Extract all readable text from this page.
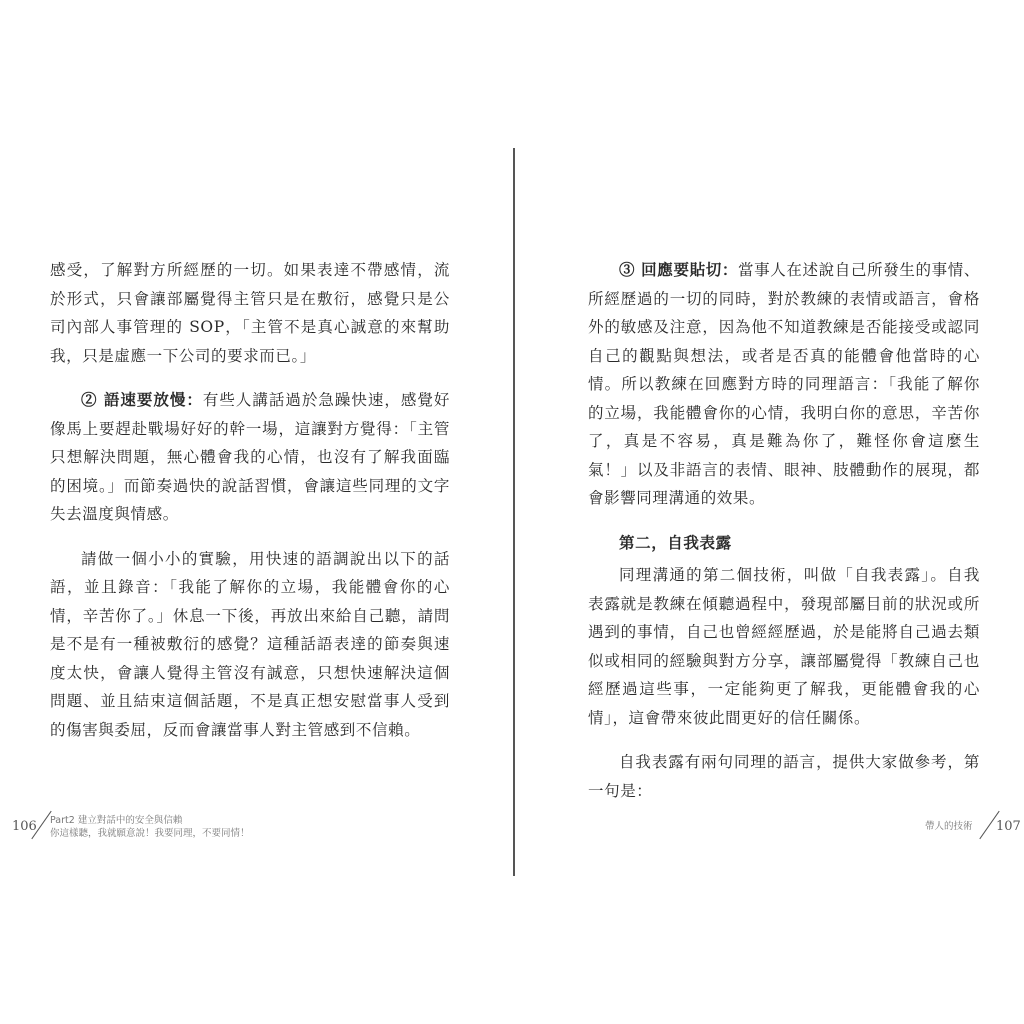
感受，了解對方所經歷的一切。如果表達不帶感情，流於形式，只會讓部屬覺得主管只是在敷衍，感覺只是公司內部人事管理的 SOP，「主管不是真心誠意的來幫助我，只是虛應一下公司的要求而已。」

② 語速要放慢：有些人講話過於急躁快速，感覺好像馬上要趕赴戰場好好的幹一場，這讓對方覺得：「主管只想解決問題，無心體會我的心情，也沒有了解我面臨的困境。」而節奏過快的說話習慣，會讓這些同理的文字失去溫度與情感。

請做一個小小的實驗，用快速的語調說出以下的話語，並且錄音：「我能了解你的立場，我能體會你的心情，辛苦你了。」休息一下後，再放出來給自己聽，請問是不是有一種被敷衍的感覺？這種話語表達的節奏與速度太快，會讓人覺得主管沒有誠意，只想快速解決這個問題、並且結束這個話題，不是真正想安慰當事人受到的傷害與委屈，反而會讓當事人對主管感到不信賴。

106 Part2 建立對話中的安全與信賴
你這樣聽，我就願意說！我要同理，不要同情！

③ 回應要貼切：當事人在述說自己所發生的事情、所經歷過的一切的同時，對於教練的表情或語言，會格外的敏感及注意，因為他不知道教練是否能接受或認同自己的觀點與想法，或者是否真的能體會他當時的心情。所以教練在回應對方時的同理語言：「我能了解你的立場，我能體會你的心情，我明白你的意思，辛苦你了，真是不容易，真是難為你了，難怪你會這麼生氣！」以及非語言的表情、眼神、肢體動作的展現，都會影響同理溝通的效果。

第二，自我表露

同理溝通的第二個技術，叫做「自我表露」。自我表露就是教練在傾聽過程中，發現部屬目前的狀況或所遇到的事情，自己也曾經經歷過，於是能將自己過去類似或相同的經驗與對方分享，讓部屬覺得「教練自己也經歷過這些事，一定能夠更了解我，更能體會我的心情」，這會帶來彼此間更好的信任關係。

自我表露有兩句同理的語言，提供大家做參考，第一句是：

帶人的技術 107
